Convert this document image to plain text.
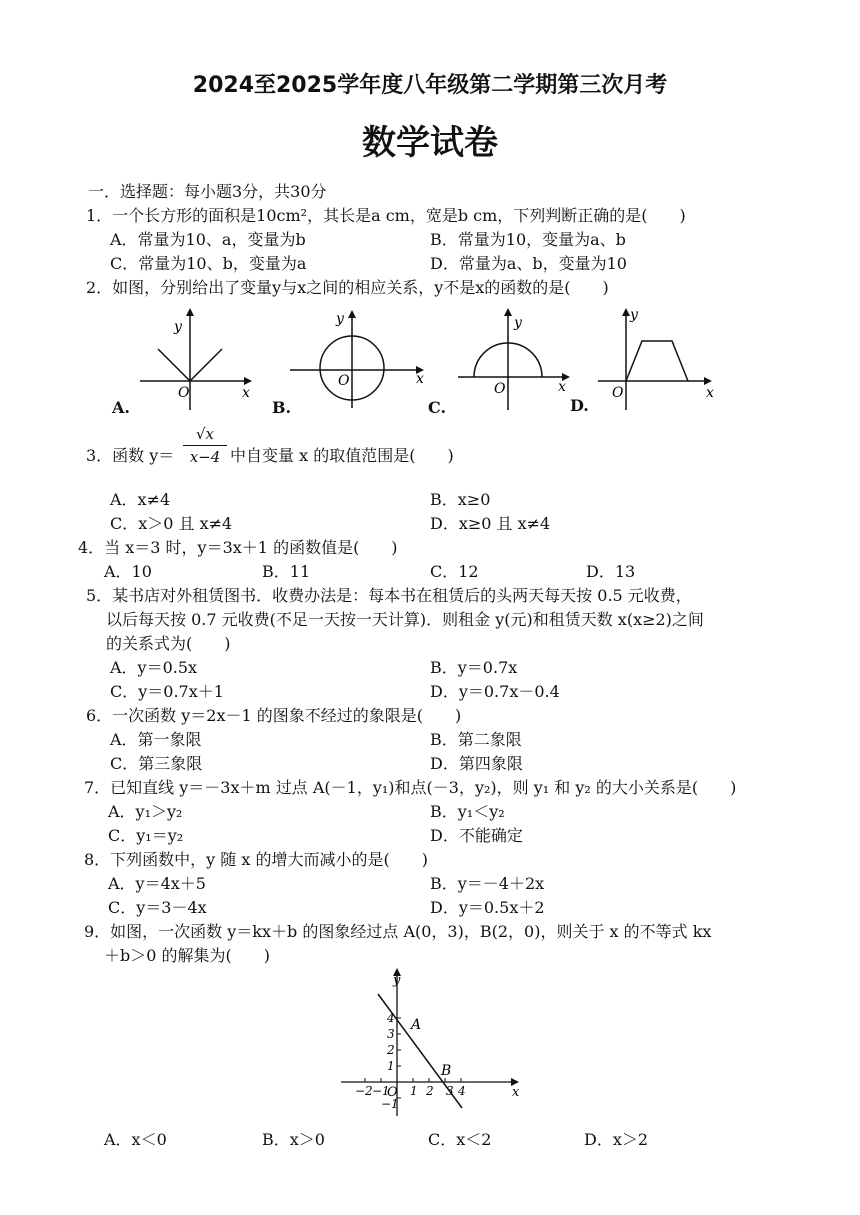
2024至2025学年度八年级第二学期第三次月考
数学试卷
一．选择题：每小题3分，共30分
1．一个长方形的面积是10cm²，其长是a cm，宽是b cm，下列判断正确的是(　　)
A．常量为10、a，变量为b	B．常量为10，变量为a、b
C．常量为10、b，变量为a	D．常量为a、b，变量为10
2．如图，分别给出了变量y与x之间的相应关系，y不是x的函数的是(　　)
y
O	x
A.
y
O	x
B.
y
O	x
C.
y
O	x
D.
3．函数 y＝
√x
x−4 中自变量 x 的取值范围是(　　)
A．x≠4	B．x≥0
C．x＞0 且 x≠4	D．x≥0 且 x≠4
4．当 x＝3 时，y＝3x＋1 的函数值是(　　)
A．10	B．11	C．12	D．13
5．某书店对外租赁图书．收费办法是：每本书在租赁后的头两天每天按 0.5 元收费，
以后每天按 0.7 元收费(不足一天按一天计算)．则租金 y(元)和租赁天数 x(x≥2)之间
的关系式为(　　)
A．y＝0.5x	B．y＝0.7x
C．y＝0.7x＋1	D．y＝0.7x－0.4
6．一次函数 y＝2x－1 的图象不经过的象限是(　　)
A．第一象限	B．第二象限
C．第三象限	D．第四象限
7．已知直线 y＝－3x＋m 过点 A(－1，y₁)和点(－3，y₂)，则 y₁ 和 y₂ 的大小关系是(　　)
A．y₁＞y₂	B．y₁＜y₂
C．y₁＝y₂	D．不能确定
8．下列函数中，y 随 x 的增大而减小的是(　　)
A．y＝4x＋5	B．y＝－4＋2x
C．y＝3－4x	D．y＝0.5x＋2
9．如图，一次函数 y＝kx＋b 的图象经过点 A(0，3)，B(2，0)，则关于 x 的不等式 kx
＋b＞0 的解集为(　　)
y
x
O
A
B
−2 −1 1 2 3 4
4
3
2
1
−1
A．x＜0	B．x＞0	C．x＜2	D．x＞2
